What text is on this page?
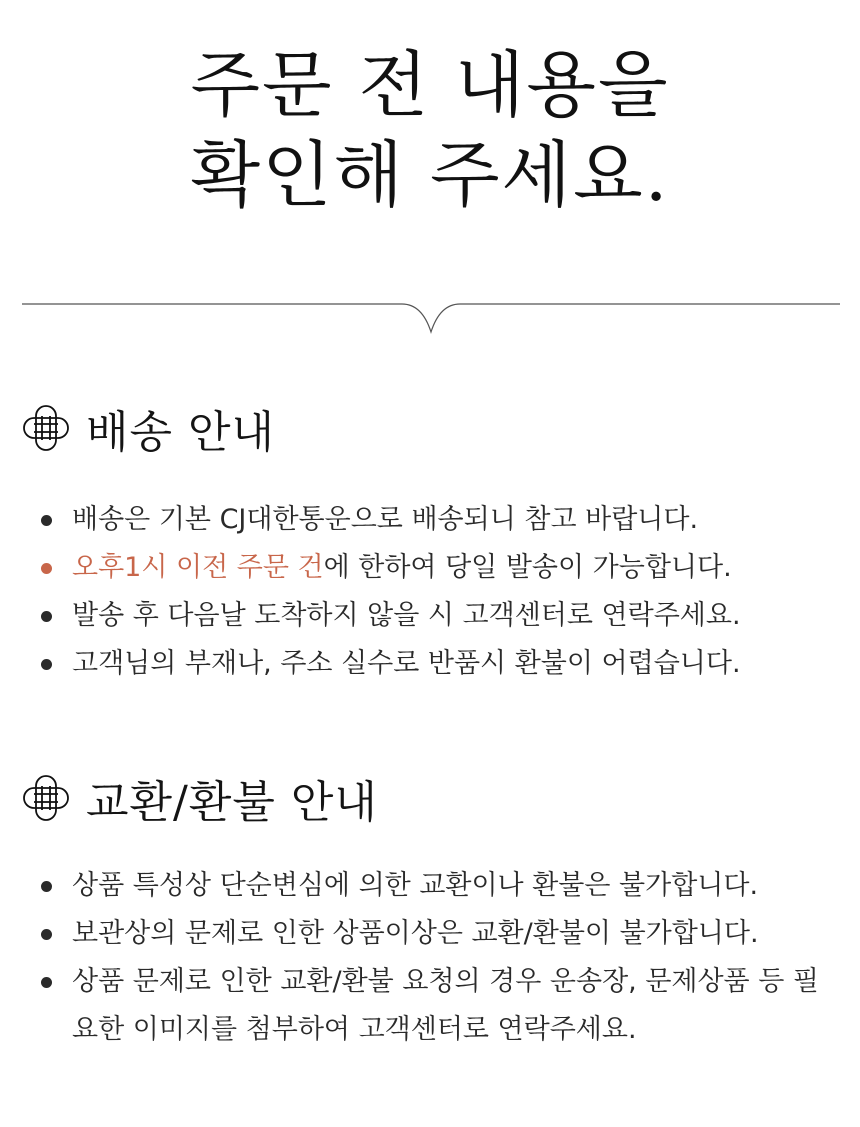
주문 전 내용을
확인해 주세요.
배송 안내
배송은 기본 CJ대한통운으로 배송되니 참고 바랍니다.
오후1시 이전 주문 건에 한하여 당일 발송이 가능합니다.
발송 후 다음날 도착하지 않을 시 고객센터로 연락주세요.
고객님의 부재나, 주소 실수로 반품시 환불이 어렵습니다.
교환/환불 안내
상품 특성상 단순변심에 의한 교환이나 환불은 불가합니다.
보관상의 문제로 인한 상품이상은 교환/환불이 불가합니다.
상품 문제로 인한 교환/환불 요청의 경우 운송장, 문제상품 등 필요한 이미지를 첨부하여 고객센터로 연락주세요.
